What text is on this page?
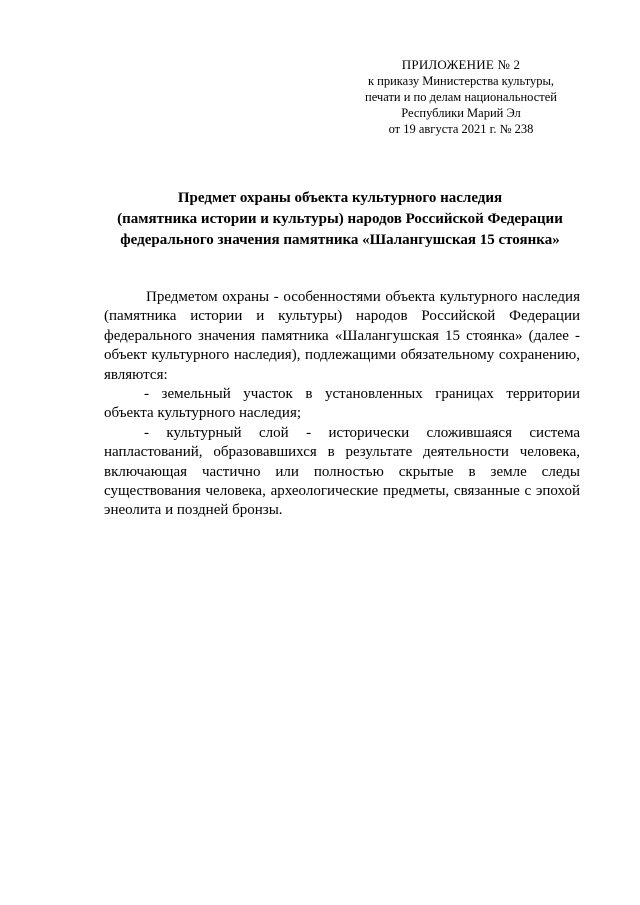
ПРИЛОЖЕНИЕ № 2
к приказу Министерства культуры,
печати и по делам национальностей
Республики Марий Эл
от 19 августа 2021 г. № 238
Предмет охраны объекта культурного наследия
(памятника истории и культуры) народов Российской Федерации
федерального значения памятника «Шалангушская 15 стоянка»

Предметом охраны - особенностями объекта культурного наследия (памятника истории и культуры) народов Российской Федерации федерального значения памятника «Шалангушская 15 стоянка» (далее - объект культурного наследия), подлежащими обязательному сохранению, являются:

- земельный участок в установленных границах территории объекта культурного наследия;

- культурный слой - исторически сложившаяся система напластований, образовавшихся в результате деятельности человека, включающая частично или полностью скрытые в земле следы существования человека, археологические предметы, связанные с эпохой энеолита и поздней бронзы.
